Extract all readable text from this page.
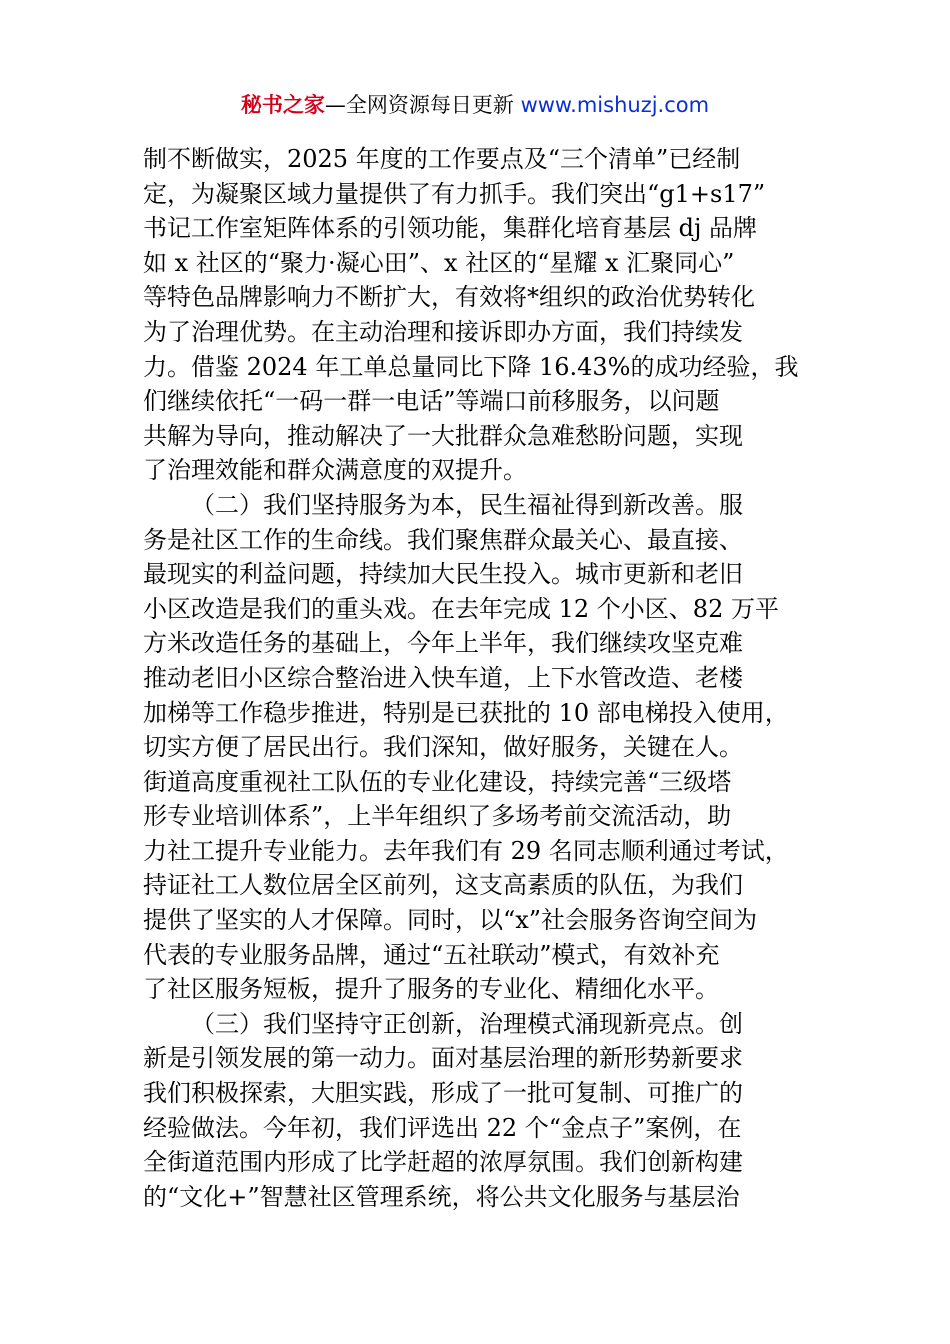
秘书之家—全网资源每日更新 www.mishuzj.com
制不断做实，2025 年度的工作要点及“三个清单”已经制
定，为凝聚区域力量提供了有力抓手。我们突出“g1+s17”
书记工作室矩阵体系的引领功能，集群化培育基层 dj 品牌
如 x 社区的“聚力·凝心田”、x 社区的“星耀 x 汇聚同心”
等特色品牌影响力不断扩大，有效将*组织的政治优势转化
为了治理优势。在主动治理和接诉即办方面，我们持续发
力。借鉴 2024 年工单总量同比下降 16.43%的成功经验，我
们继续依托“一码一群一电话”等端口前移服务，以问题
共解为导向，推动解决了一大批群众急难愁盼问题，实现
了治理效能和群众满意度的双提升。
（二）我们坚持服务为本，民生福祉得到新改善。服
务是社区工作的生命线。我们聚焦群众最关心、最直接、
最现实的利益问题，持续加大民生投入。城市更新和老旧
小区改造是我们的重头戏。在去年完成 12 个小区、82 万平
方米改造任务的基础上，今年上半年，我们继续攻坚克难
推动老旧小区综合整治进入快车道，上下水管改造、老楼
加梯等工作稳步推进，特别是已获批的 10 部电梯投入使用，
切实方便了居民出行。我们深知，做好服务，关键在人。
街道高度重视社工队伍的专业化建设，持续完善“三级塔
形专业培训体系”，上半年组织了多场考前交流活动，助
力社工提升专业能力。去年我们有 29 名同志顺利通过考试，
持证社工人数位居全区前列，这支高素质的队伍，为我们
提供了坚实的人才保障。同时，以“x”社会服务咨询空间为
代表的专业服务品牌，通过“五社联动”模式，有效补充
了社区服务短板，提升了服务的专业化、精细化水平。
（三）我们坚持守正创新，治理模式涌现新亮点。创
新是引领发展的第一动力。面对基层治理的新形势新要求
我们积极探索，大胆实践，形成了一批可复制、可推广的
经验做法。今年初，我们评选出 22 个“金点子”案例，在
全街道范围内形成了比学赶超的浓厚氛围。我们创新构建
的“文化+”智慧社区管理系统，将公共文化服务与基层治
